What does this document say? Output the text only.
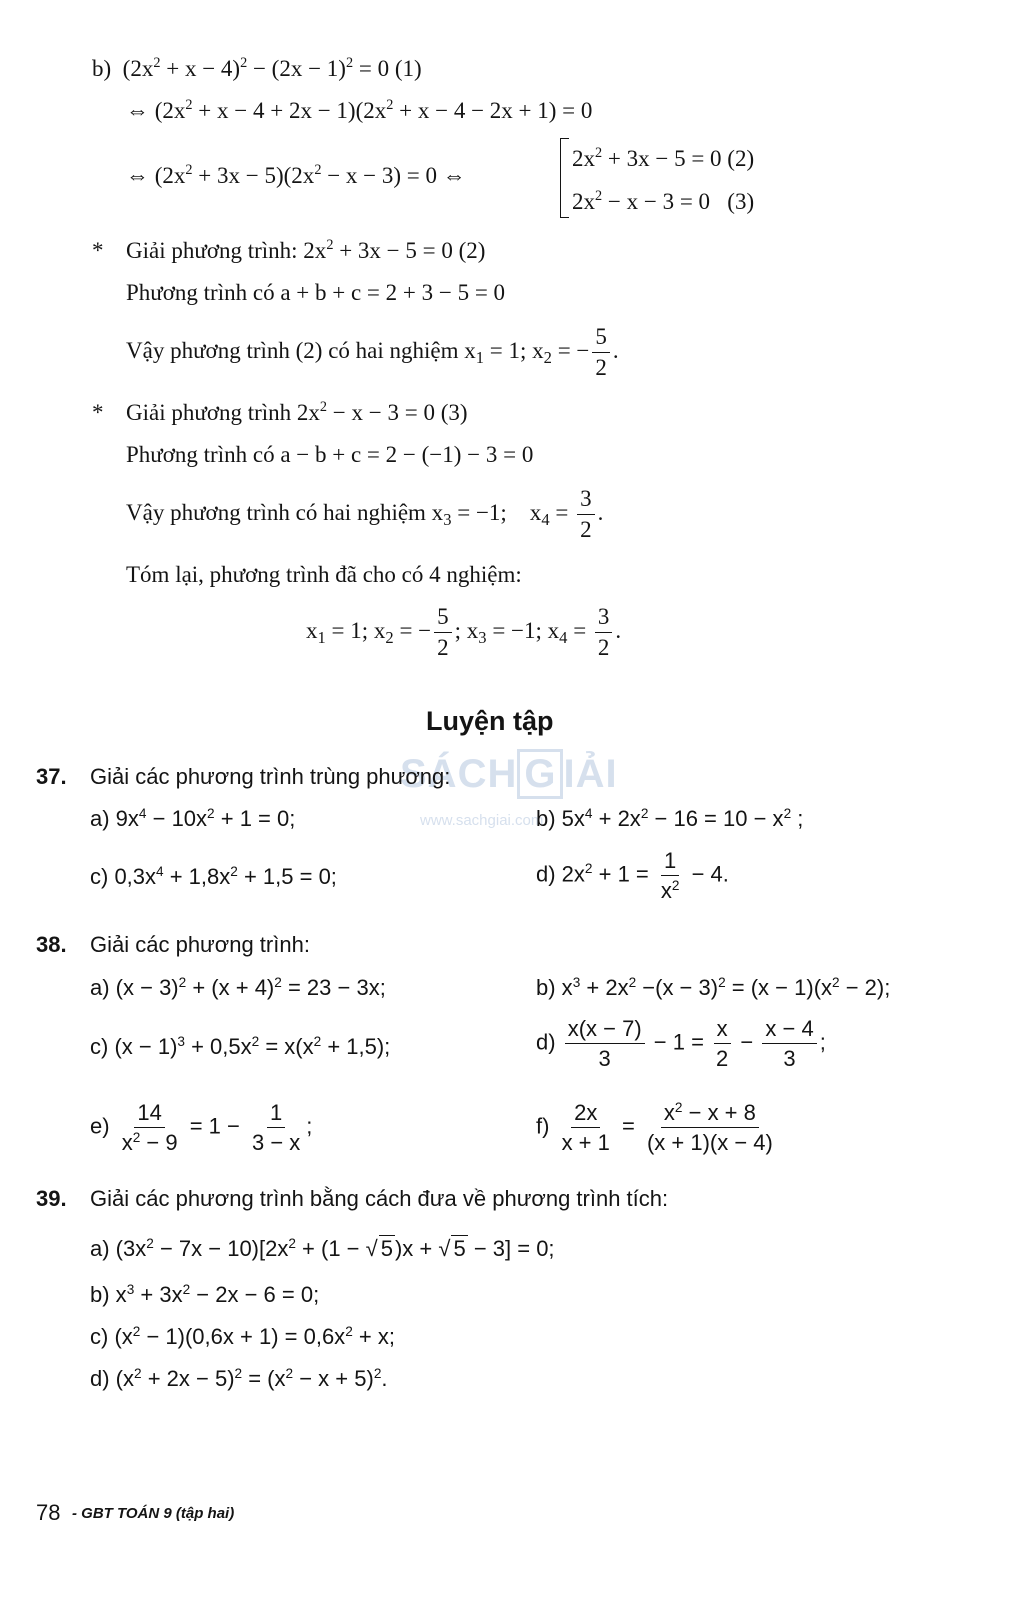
SÁCH G IẢI
www.sachgiai.com
b)  $(2x^2 + x - 4)^2 - (2x - 1)^2 = 0$ (1)
⇔ $(2x^2 + x - 4 + 2x - 1)(2x^2 + x - 4 - 2x + 1) = 0$
⇔ $(2x^2 + 3x - 5)(2x^2 - x - 3) = 0$ ⇔
$2x^2 + 3x - 5 = 0$ (2)
$2x^2 - x - 3 = 0$   (3)
* Giải phương trình: $2x^2 + 3x - 5 = 0$ (2)
Phương trình có a + b + c = 2 + 3 − 5 = 0
Vậy phương trình (2) có hai nghiệm $x_1 = 1$; $x_2$ = − $\frac{5}{2}$ .
* Giải phương trình $2x^2 - x - 3 = 0$ (3)
Phương trình có a − b + c = 2 − (−1) − 3 = 0
Vậy phương trình có hai nghiệm $x_3 = -1$;    $x_4 = \frac{3}{2}$ .
Tóm lại, phương trình đã cho có 4 nghiệm:
$x_1 = 1$; $x_2$ = − $\frac{5}{2}$ ; $x_3 = -1$; $x_4 = \frac{3}{2}$ .
Luyện tập
37. Giải các phương trình trùng phương:
a) $9x^4 - 10x^2 + 1 = 0$;	b) $5x^4 + 2x^2 - 16 = 10 - x^2$ ;
c) $0,3x^4 + 1,8x^2 + 1,5 = 0$;	d) $2x^2 + 1 = \frac{1}{x^2} - 4$.
38. Giải các phương trình:
a) $(x - 3)^2 + (x + 4)^2 = 23 - 3x$;	b) $x^3 + 2x^2 -(x - 3)^2 = (x - 1)(x^2 - 2)$;
c) $(x - 1)^3 + 0,5x^2 = x(x^2 + 1,5)$;	$d) \frac{x(x - 7)}{3} - 1 = \frac{x}{2} - \frac{x - 4}{3}$ ;
$e) \frac{14}{x^2 - 9} = 1 - \frac{1}{3 - x}$ ;	$f) \frac{2x}{x + 1} = \frac{x^2 - x + 8}{(x + 1)(x - 4)}$
39. Giải các phương trình bằng cách đưa về phương trình tích:
a) $(3x^2 - 7x - 10)[2x^2 + (1$ − √ 5)x + √ 5 − 3] = 0;
b) $x^3 + 3x^2 - 2x - 6 = 0$;
c) $(x^2 - 1)(0,6x + 1) = 0,6x^2 + x$;
d) $(x^2 + 2x - 5)^2 = (x^2 - x + 5)^2$.
78 - GBT TOÁN 9 (tập hai)
